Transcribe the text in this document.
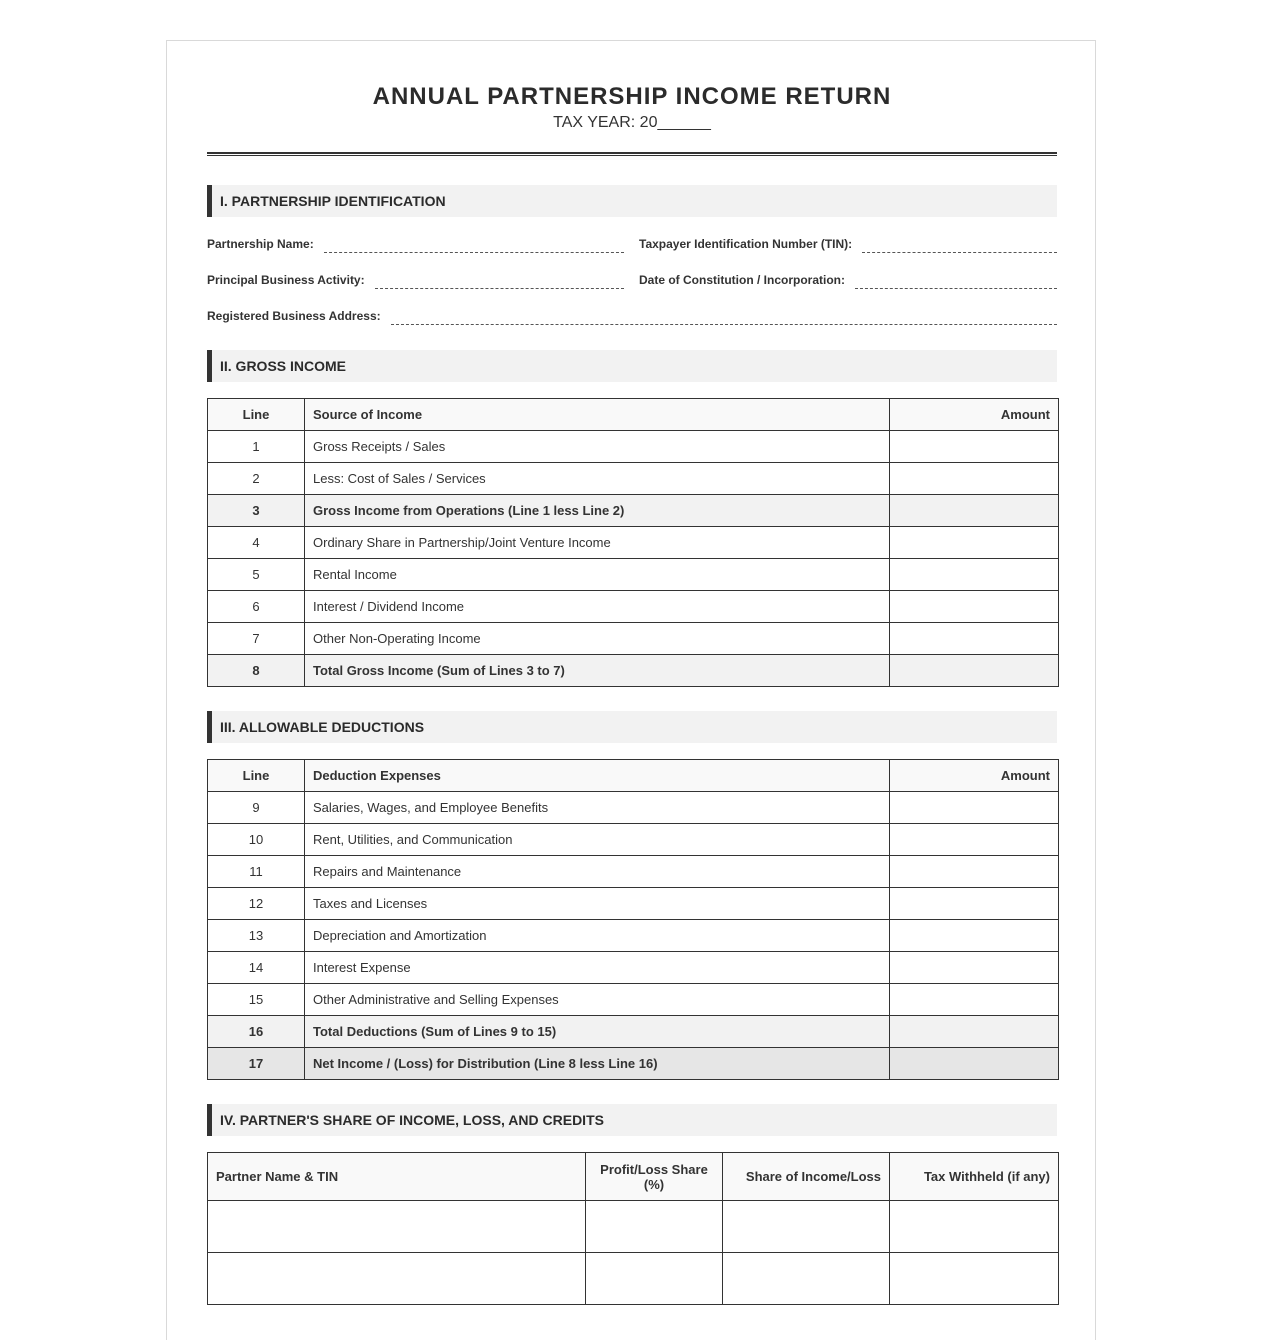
ANNUAL PARTNERSHIP INCOME RETURN
TAX YEAR: 20______
I. PARTNERSHIP IDENTIFICATION
Partnership Name:	Taxpayer Identification Number (TIN):
Principal Business Activity:	Date of Constitution / Incorporation:
Registered Business Address:
II. GROSS INCOME
Line	Source of Income	Amount
1	Gross Receipts / Sales	
2	Less: Cost of Sales / Services	
3	Gross Income from Operations (Line 1 less Line 2)	
4	Ordinary Share in Partnership/Joint Venture Income	
5	Rental Income	
6	Interest / Dividend Income	
7	Other Non-Operating Income	
8	Total Gross Income (Sum of Lines 3 to 7)	
III. ALLOWABLE DEDUCTIONS
Line	Deduction Expenses	Amount
9	Salaries, Wages, and Employee Benefits	
10	Rent, Utilities, and Communication	
11	Repairs and Maintenance	
12	Taxes and Licenses	
13	Depreciation and Amortization	
14	Interest Expense	
15	Other Administrative and Selling Expenses	
16	Total Deductions (Sum of Lines 9 to 15)	
17	Net Income / (Loss) for Distribution (Line 8 less Line 16)	
IV. PARTNER'S SHARE OF INCOME, LOSS, AND CREDITS
Partner Name & TIN	Profit/Loss Share (%)	Share of Income/Loss	Tax Withheld (if any)
